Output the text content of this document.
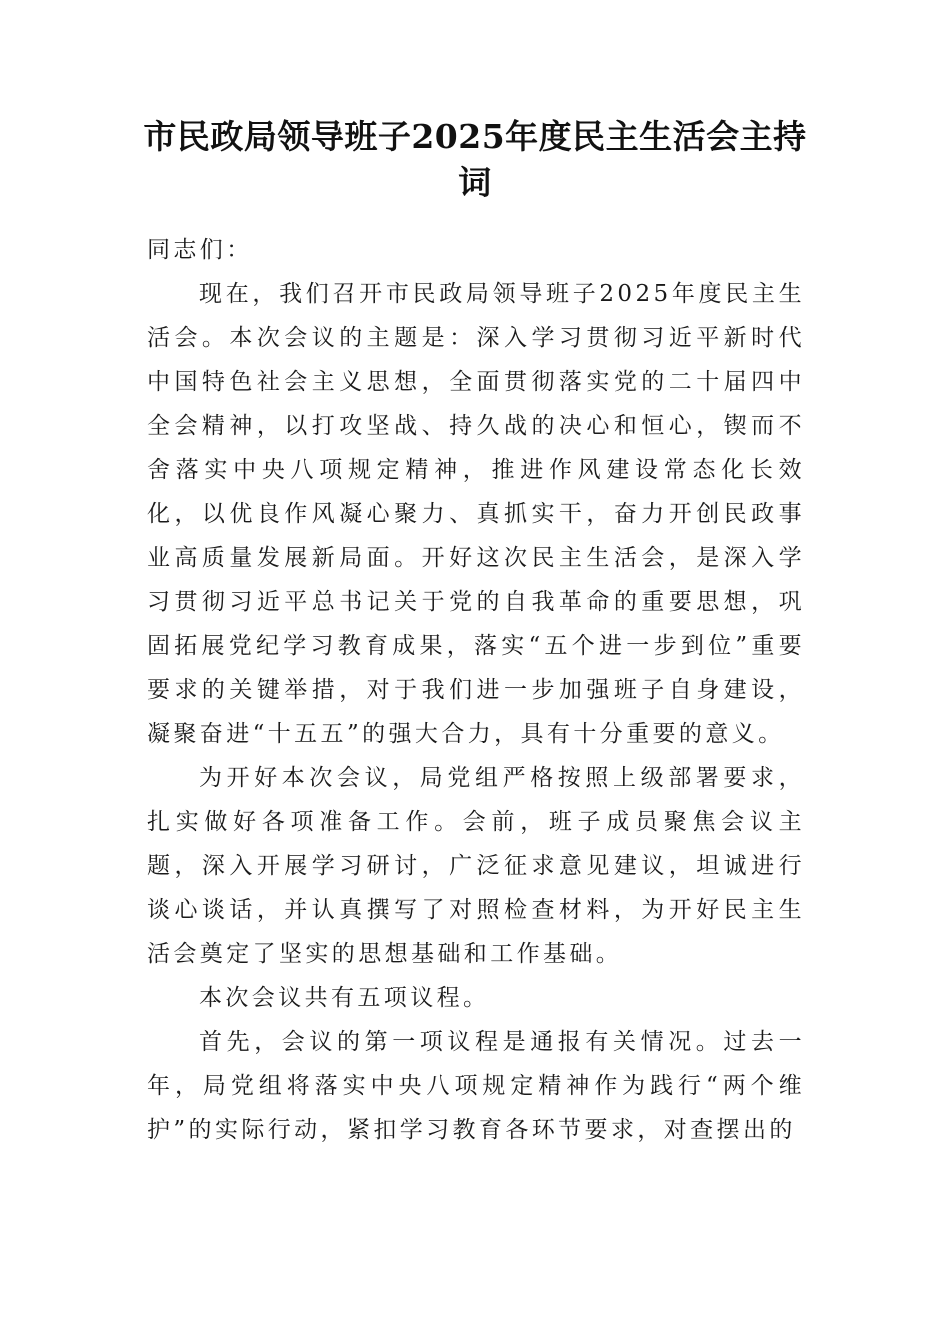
市民政局领导班子2025年度民主生活会主持词

同志们：

现在，我们召开市民政局领导班子2025年度民主生活会。本次会议的主题是：深入学习贯彻习近平新时代中国特色社会主义思想，全面贯彻落实党的二十届四中全会精神，以打攻坚战、持久战的决心和恒心，锲而不舍落实中央八项规定精神，推进作风建设常态化长效化，以优良作风凝心聚力、真抓实干，奋力开创民政事业高质量发展新局面。开好这次民主生活会，是深入学习贯彻习近平总书记关于党的自我革命的重要思想，巩固拓展党纪学习教育成果，落实“五个进一步到位”重要要求的关键举措，对于我们进一步加强班子自身建设，凝聚奋进“十五五”的强大合力，具有十分重要的意义。

为开好本次会议，局党组严格按照上级部署要求，扎实做好各项准备工作。会前，班子成员聚焦会议主题，深入开展学习研讨，广泛征求意见建议，坦诚进行谈心谈话，并认真撰写了对照检查材料，为开好民主生活会奠定了坚实的思想基础和工作基础。

本次会议共有五项议程。

首先，会议的第一项议程是通报有关情况。过去一年，局党组将落实中央八项规定精神作为践行“两个维护”的实际行动，紧扣学习教育各环节要求，对查摆出的
